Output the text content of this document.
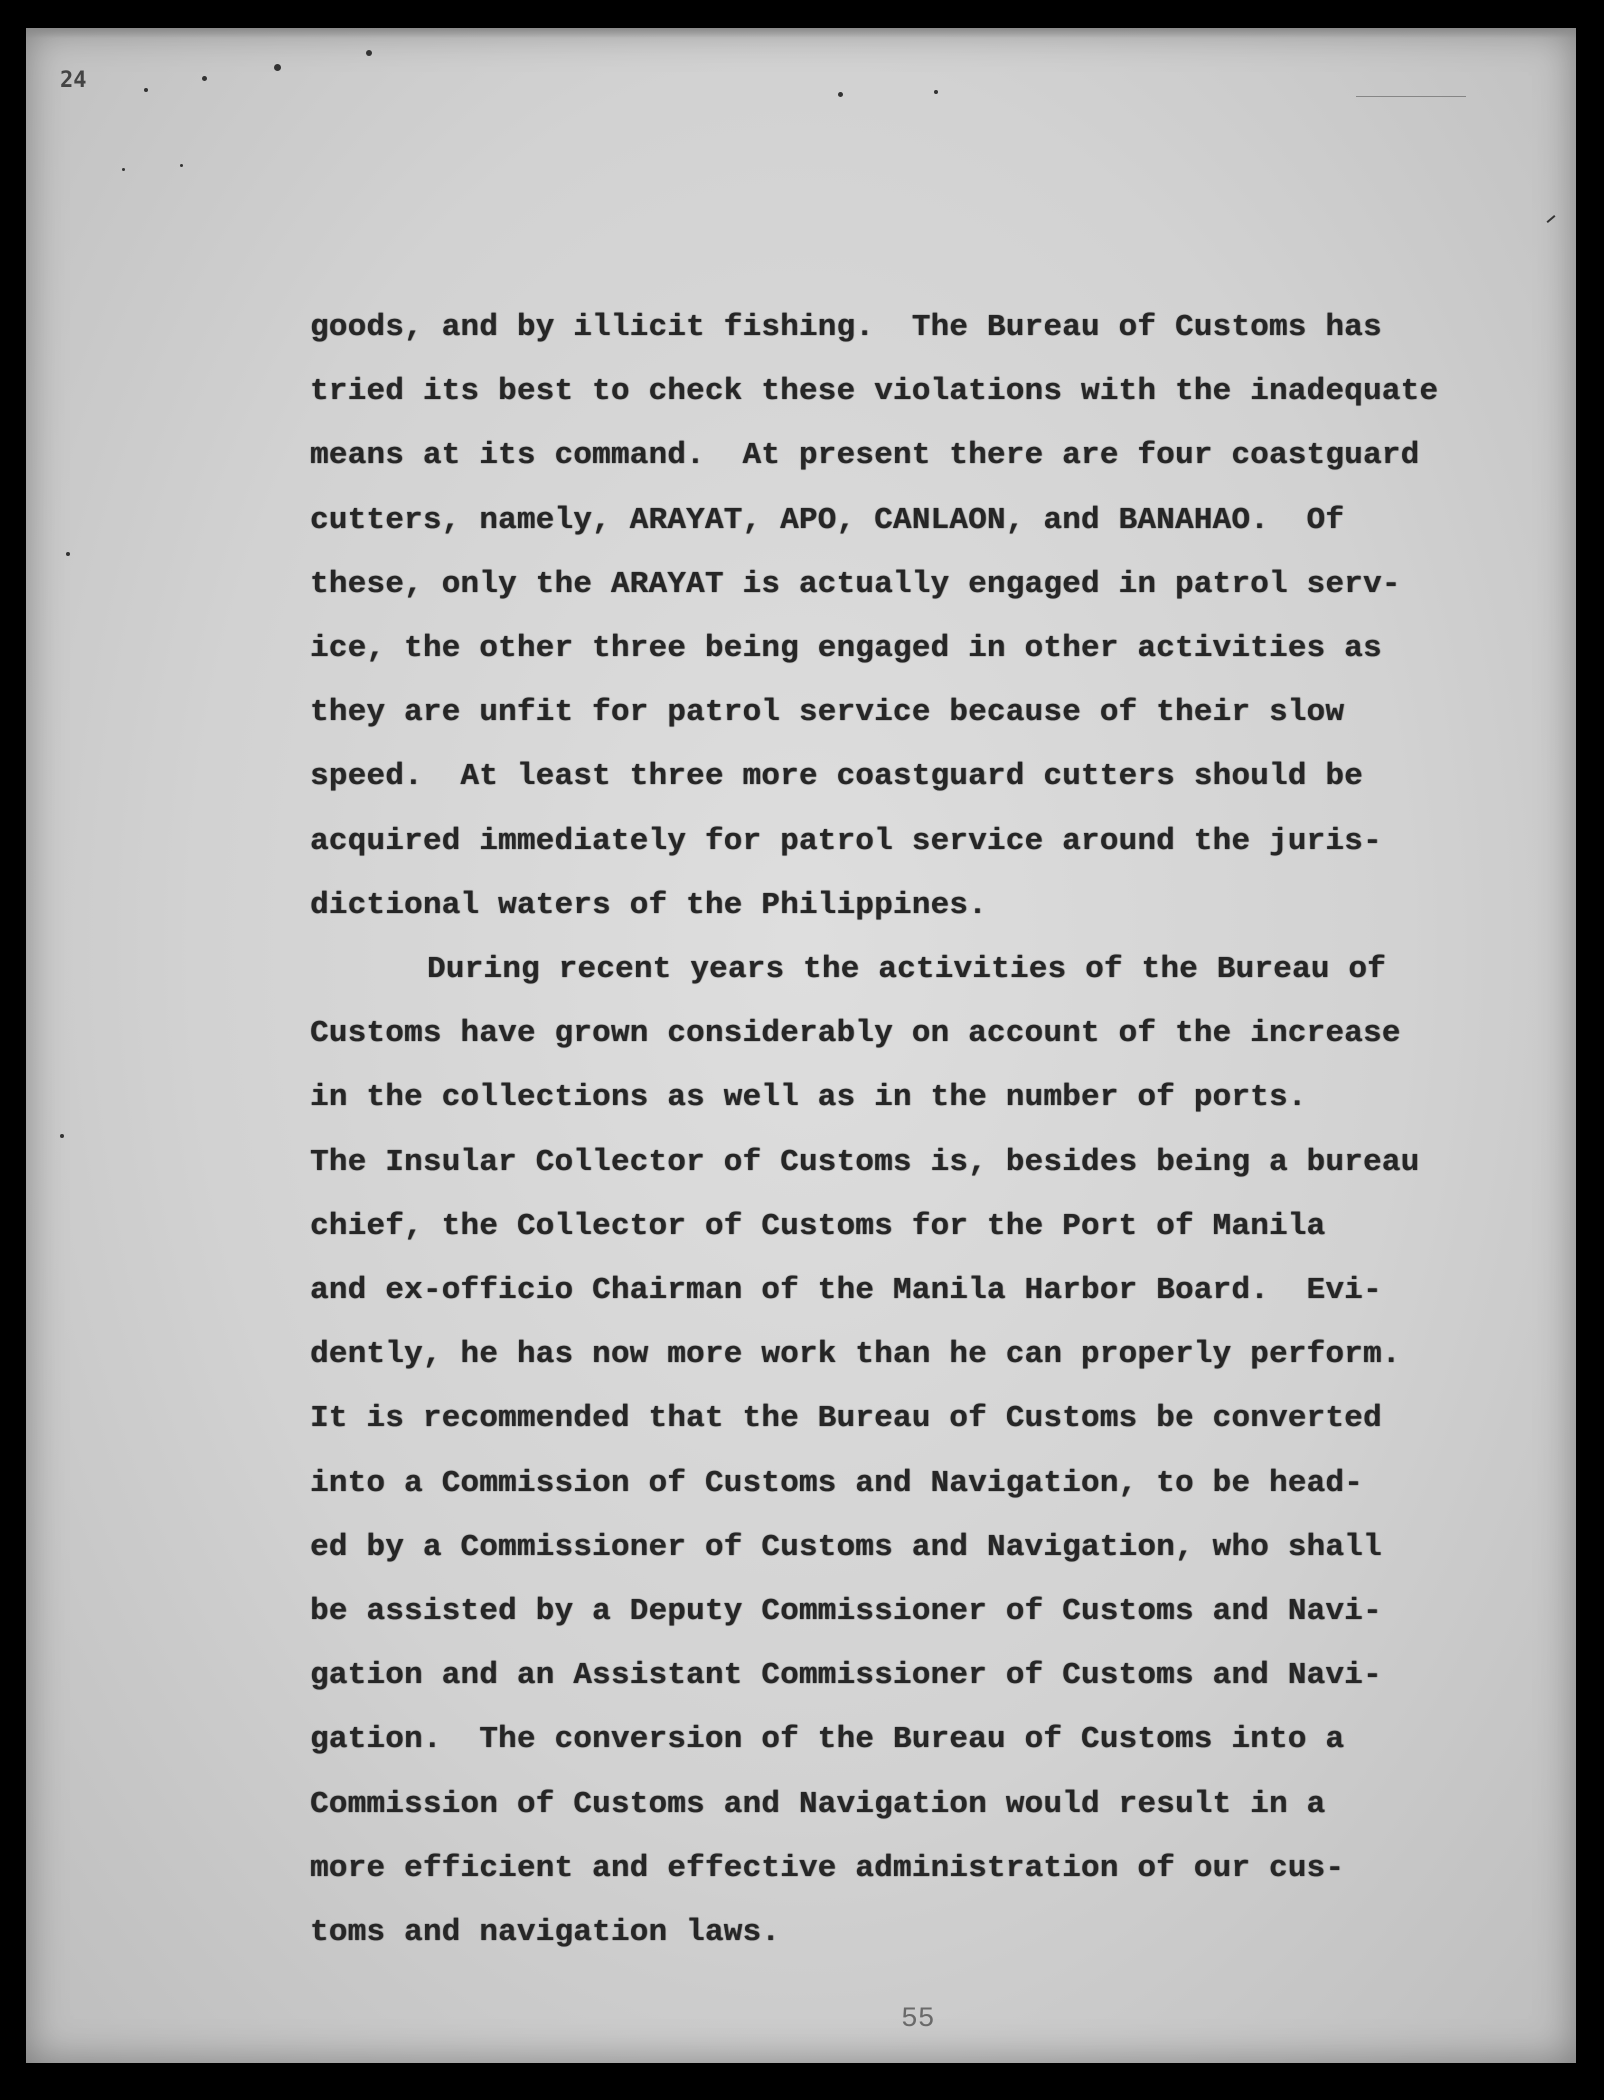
24
goods, and by illicit fishing.  The Bureau of Customs has
tried its best to check these violations with the inadequate
means at its command.  At present there are four coastguard
cutters, namely, ARAYAT, APO, CANLAON, and BANAHAO.  Of
these, only the ARAYAT is actually engaged in patrol serv-
ice, the other three being engaged in other activities as
they are unfit for patrol service because of their slow
speed.  At least three more coastguard cutters should be
acquired immediately for patrol service around the juris-
dictional waters of the Philippines.
During recent years the activities of the Bureau of
Customs have grown considerably on account of the increase
in the collections as well as in the number of ports.
The Insular Collector of Customs is, besides being a bureau
chief, the Collector of Customs for the Port of Manila
and ex-officio Chairman of the Manila Harbor Board.  Evi-
dently, he has now more work than he can properly perform.
It is recommended that the Bureau of Customs be converted
into a Commission of Customs and Navigation, to be head-
ed by a Commissioner of Customs and Navigation, who shall
be assisted by a Deputy Commissioner of Customs and Navi-
gation and an Assistant Commissioner of Customs and Navi-
gation.  The conversion of the Bureau of Customs into a
Commission of Customs and Navigation would result in a
more efficient and effective administration of our cus-
toms and navigation laws.
55
